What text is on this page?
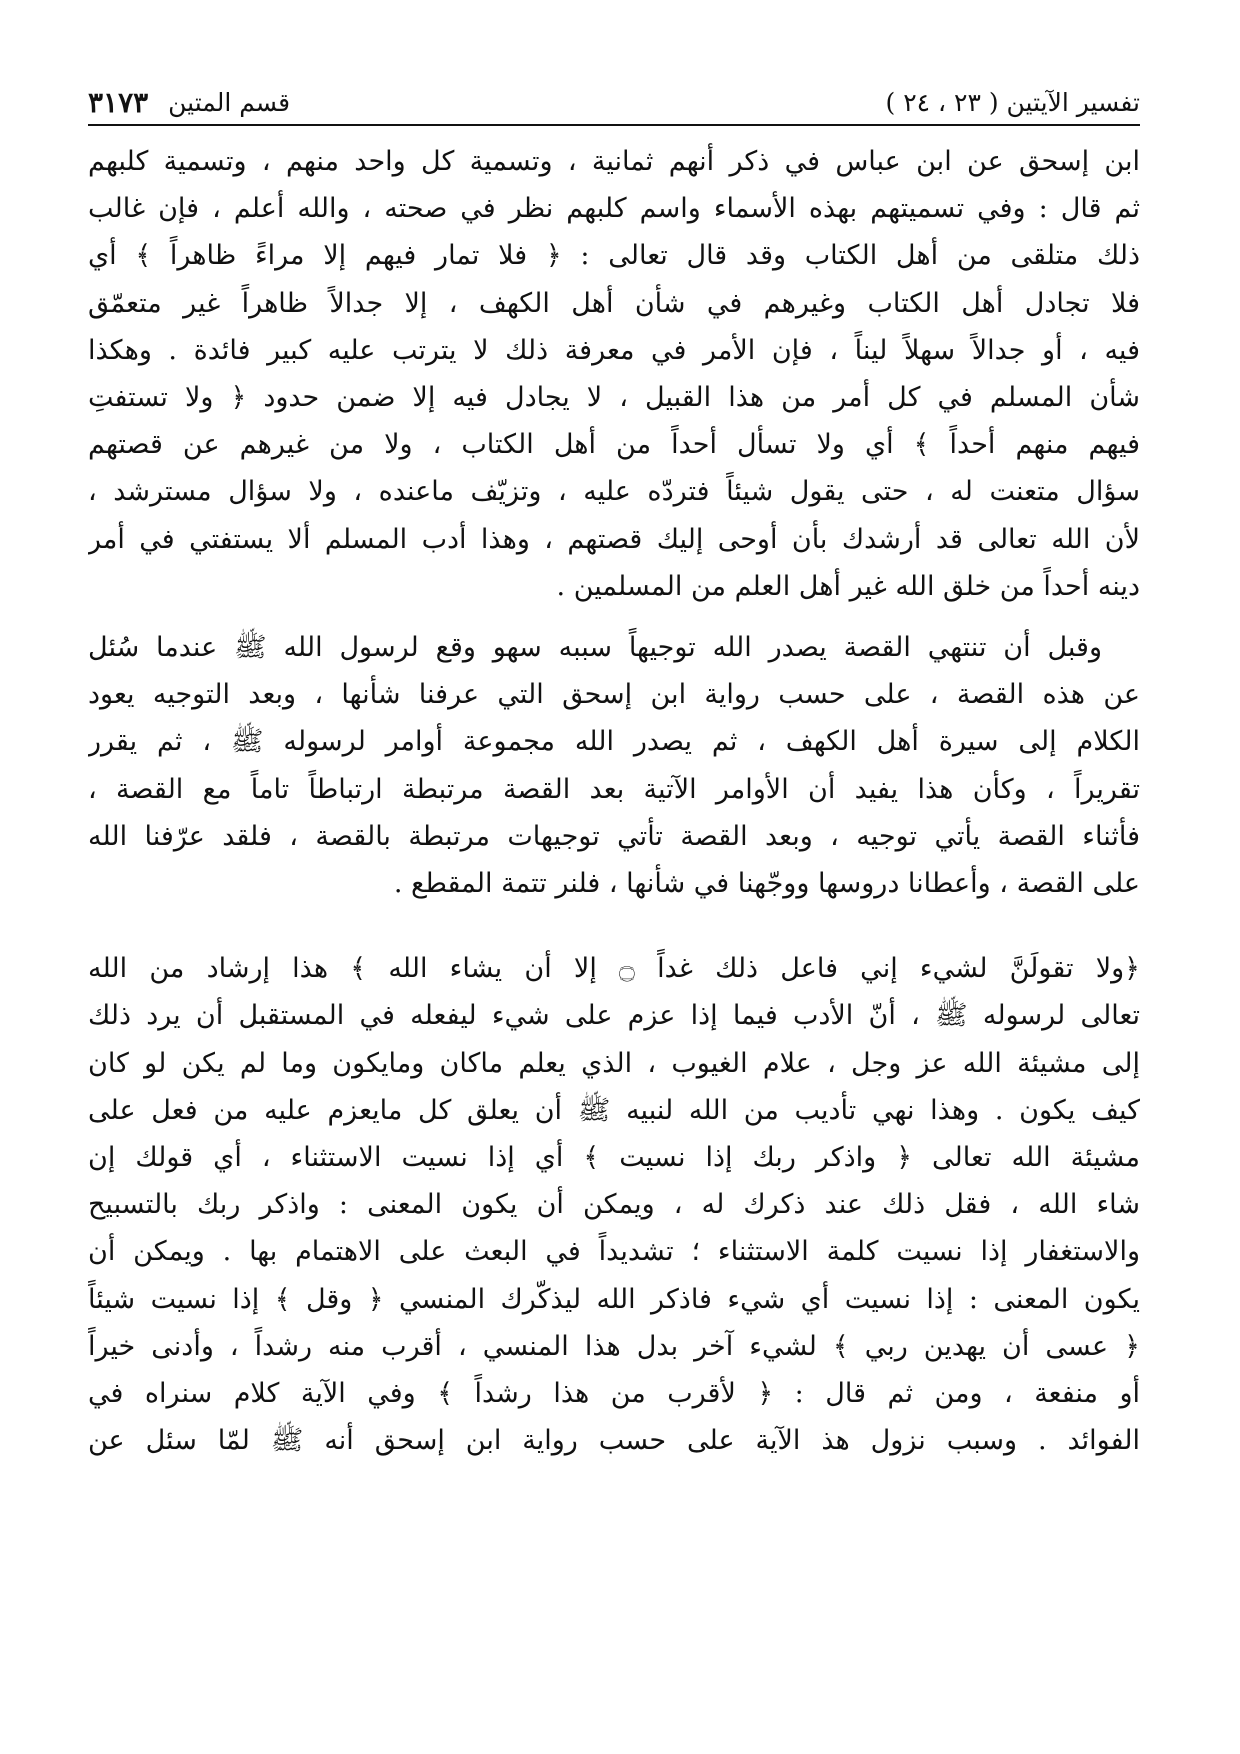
تفسير الآيتين ( ٢٣ ، ٢٤ )
قسم المتين
٣١٧٣
ابن إسحق عن ابن عباس في ذكر أنهم ثمانية ، وتسمية كل واحد منهم ، وتسمية كلبهم
ثم قال : وفي تسميتهم بهذه الأسماء واسم كلبهم نظر في صحته ، والله أعلم ، فإن غالب
ذلك متلقى من أهل الكتاب وقد قال تعالى : ﴿ فلا تمار فيهم إلا مراءً ظاهراً ﴾ أي
فلا تجادل أهل الكتاب وغيرهم في شأن أهل الكهف ، إلا جدالاً ظاهراً غير متعمّق
فيه ، أو جدالاً سهلاً ليناً ، فإن الأمر في معرفة ذلك لا يترتب عليه كبير فائدة . وهكذا
شأن المسلم في كل أمر من هذا القبيل ، لا يجادل فيه إلا ضمن حدود ﴿ ولا تستفتِ
فيهم منهم أحداً ﴾ أي ولا تسأل أحداً من أهل الكتاب ، ولا من غيرهم عن قصتهم
سؤال متعنت له ، حتى يقول شيئاً فتردّه عليه ، وتزيّف ماعنده ، ولا سؤال مسترشد ،
لأن الله تعالى قد أرشدك بأن أوحى إليك قصتهم ، وهذا أدب المسلم ألا يستفتي في أمر
دينه أحداً من خلق الله غير أهل العلم من المسلمين .
وقبل أن تنتهي القصة يصدر الله توجيهاً سببه سهو وقع لرسول الله ﷺ عندما سُئل
عن هذه القصة ، على حسب رواية ابن إسحق التي عرفنا شأنها ، وبعد التوجيه يعود
الكلام إلى سيرة أهل الكهف ، ثم يصدر الله مجموعة أوامر لرسوله ﷺ ، ثم يقرر
تقريراً ، وكأن هذا يفيد أن الأوامر الآتية بعد القصة مرتبطة ارتباطاً تاماً مع القصة ،
فأثناء القصة يأتي توجيه ، وبعد القصة تأتي توجيهات مرتبطة بالقصة ، فلقد عرّفنا الله
على القصة ، وأعطانا دروسها ووجّهنا في شأنها ، فلنر تتمة المقطع .
﴿ولا تقولَنَّ لشيء إني فاعل ذلك غداً ۝ إلا أن يشاء الله ﴾ هذا إرشاد من الله
تعالى لرسوله ﷺ ، أنّ الأدب فيما إذا عزم على شيء ليفعله في المستقبل أن يرد ذلك
إلى مشيئة الله عز وجل ، علام الغيوب ، الذي يعلم ماكان ومايكون وما لم يكن لو كان
كيف يكون . وهذا نهي تأديب من الله لنبيه ﷺ أن يعلق كل مايعزم عليه من فعل على
مشيئة الله تعالى ﴿ واذكر ربك إذا نسيت ﴾ أي إذا نسيت الاستثناء ، أي قولك إن
شاء الله ، فقل ذلك عند ذكرك له ، ويمكن أن يكون المعنى : واذكر ربك بالتسبيح
والاستغفار إذا نسيت كلمة الاستثناء ؛ تشديداً في البعث على الاهتمام بها . ويمكن أن
يكون المعنى : إذا نسيت أي شيء فاذكر الله ليذكّرك المنسي ﴿ وقل ﴾ إذا نسيت شيئاً
﴿ عسى أن يهدين ربي ﴾ لشيء آخر بدل هذا المنسي ، أقرب منه رشداً ، وأدنى خيراً
أو منفعة ، ومن ثم قال : ﴿ لأقرب من هذا رشداً ﴾ وفي الآية كلام سنراه في
الفوائد . وسبب نزول هذ الآية على حسب رواية ابن إسحق أنه ﷺ لمّا سئل عن
